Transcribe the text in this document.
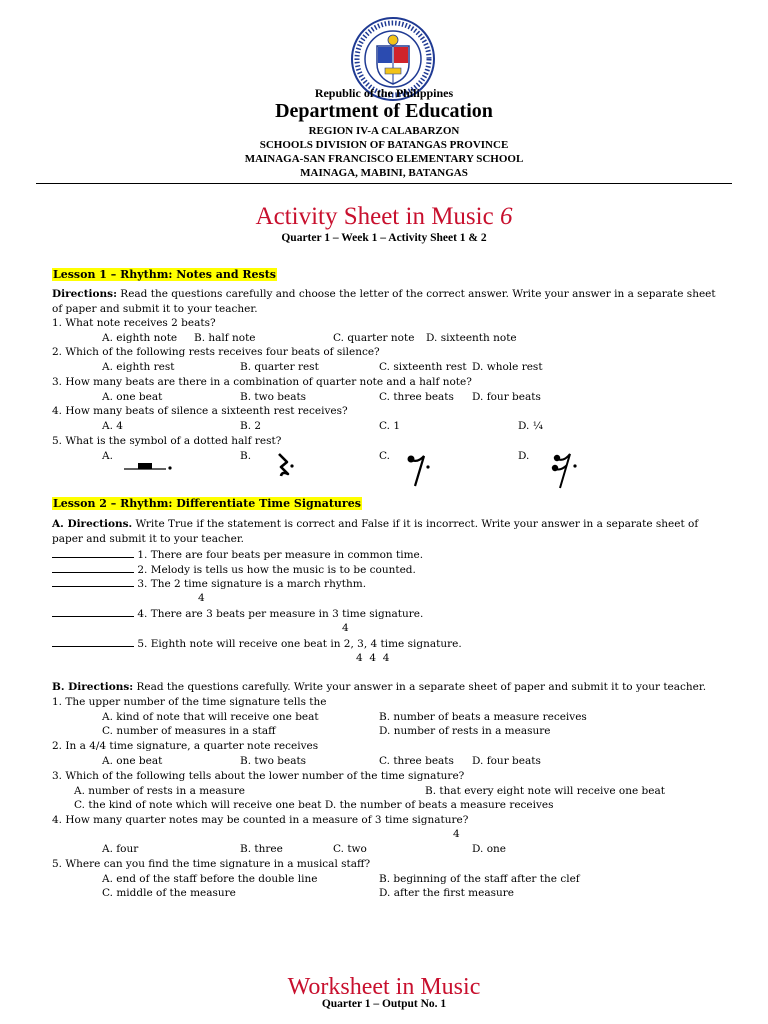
Republic of the Philippines
Department of Education
REGION IV-A CALABARZON
SCHOOLS DIVISION OF BATANGAS PROVINCE
MAINAGA-SAN FRANCISCO ELEMENTARY SCHOOL
MAINAGA, MABINI, BATANGAS
Activity Sheet in Music 6
Quarter 1 – Week 1 – Activity Sheet 1 & 2
Lesson 1 – Rhythm: Notes and Rests
Directions: Read the questions carefully and choose the letter of the correct answer. Write your answer in a separate sheet
of paper and submit it to your teacher.
1. What note receives 2 beats?
A. eighth note B. half note	C. quarter note D. sixteenth note
2. Which of the following rests receives four beats of silence?
A. eighth rest	B. quarter rest	C. sixteenth rest D. whole rest
3. How many beats are there in a combination of quarter note and a half note?
A. one beat	B. two beats	C. three beats D. four beats
4. How many beats of silence a sixteenth rest receives?
A. 4	B. 2	C. 1	D. ¼
5. What is the symbol of a dotted half rest?
A.	B.	C.	D.
Lesson 2 – Rhythm: Differentiate Time Signatures
A. Directions. Write True if the statement is correct and False if it is incorrect. Write your answer in a separate sheet of
paper and submit it to your teacher.
1. There are four beats per measure in common time.
2. Melody is tells us how the music is to be counted.
3. The 2 time signature is a march rhythm.
4
4. There are 3 beats per measure in 3 time signature.
4
5. Eighth note will receive one beat in 2, 3, 4 time signature.
4  4  4
B. Directions: Read the questions carefully. Write your answer in a separate sheet of paper and submit it to your teacher.
1. The upper number of the time signature tells the
A. kind of note that will receive one beat	B. number of beats a measure receives
C. number of measures in a staff	D. number of rests in a measure
2. In a 4/4 time signature, a quarter note receives
A. one beat	B. two beats	C. three beats D. four beats
3. Which of the following tells about the lower number of the time signature?
A. number of rests in a measure	B. that every eight note will receive one beat
C. the kind of note which will receive one beat D. the number of beats a measure receives
4. How many quarter notes may be counted in a measure of 3 time signature?
4
A. four	B. three	C. two	D. one
5. Where can you find the time signature in a musical staff?
A. end of the staff before the double line	B. beginning of the staff after the clef
C. middle of the measure	D. after the first measure
Worksheet in Music
Quarter 1 – Output No. 1
